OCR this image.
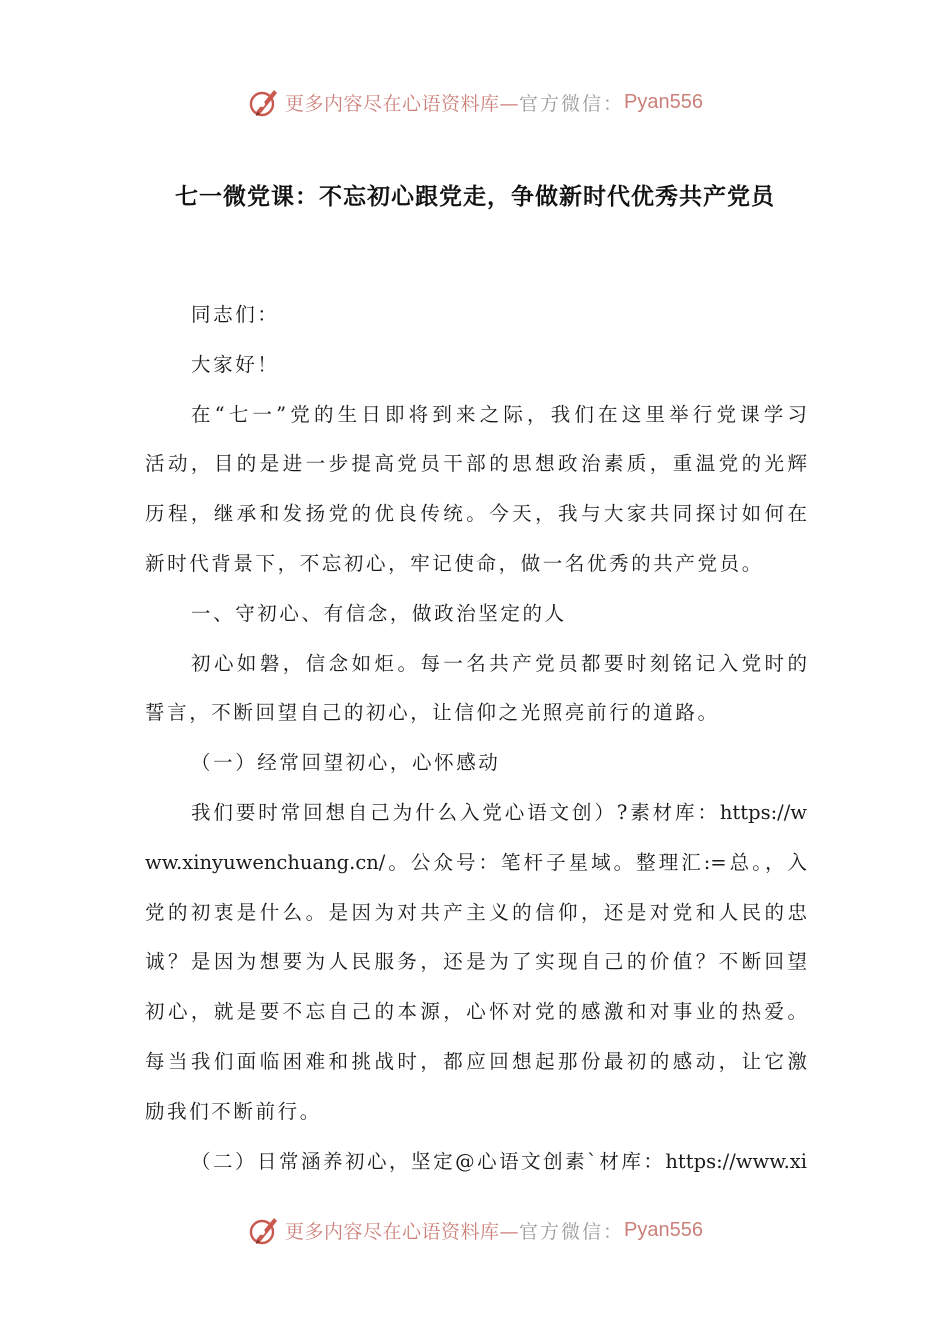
更多内容尽在心语资料库— 官方微信： Pyan556
七一微党课：不忘初心跟党走，争做新时代优秀共产党员
同志们：
大家好！
在“七一”党的生日即将到来之际，我们在这里举行党课学习
活动，目的是进一步提高党员干部的思想政治素质，重温党的光辉
历程，继承和发扬党的优良传统。今天，我与大家共同探讨如何在
新时代背景下，不忘初心，牢记使命，做一名优秀的共产党员。
一、守初心、有信念，做政治坚定的人
初心如磐，信念如炬。每一名共产党员都要时刻铭记入党时的
誓言，不断回望自己的初心，让信仰之光照亮前行的道路。
（一）经常回望初心，心怀感动
我们要时常回想自己为什么入党心语文创）?素材库：https://w
ww.xinyuwenchuang.cn/。公众号：笔杆子星域。整理汇:=总。，入
党的初衷是什么。是因为对共产主义的信仰，还是对党和人民的忠
诚？是因为想要为人民服务，还是为了实现自己的价值？不断回望
初心，就是要不忘自己的本源，心怀对党的感激和对事业的热爱。
每当我们面临困难和挑战时，都应回想起那份最初的感动，让它激
励我们不断前行。
（二）日常涵养初心，坚定@心语文创素`材库：https://www.xi
更多内容尽在心语资料库— 官方微信： Pyan556
